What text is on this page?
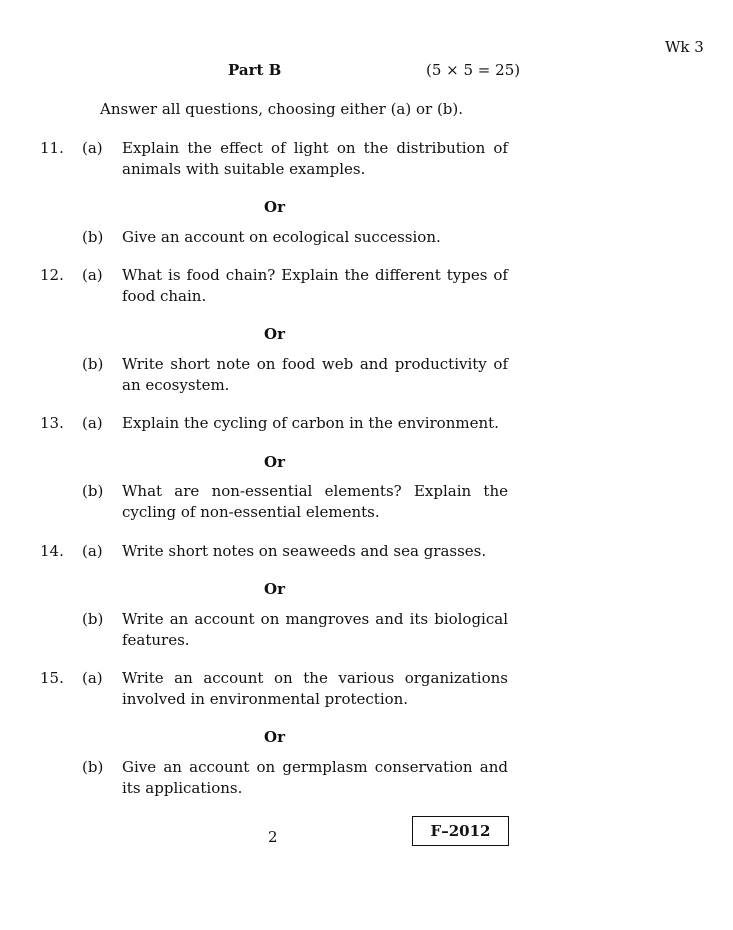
Wk 3
Part B	(5 × 5 = 25)
Answer all questions, choosing either (a) or (b).
11. (a) Explain the effect of light on the distribution of animals with suitable examples.
Or
(b) Give an account on ecological succession.
12. (a) What is food chain? Explain the different types of food chain.
Or
(b) Write short note on food web and productivity of an ecosystem.
13. (a) Explain the cycling of carbon in the environment.
Or
(b) What are non-essential elements? Explain the cycling of non-essential elements.
14. (a) Write short notes on seaweeds and sea grasses.
Or
(b) Write an account on mangroves and its biological features.
15. (a) Write an account on the various organizations involved in environmental protection.
Or
(b) Give an account on germplasm conservation and its applications.
2	F–2012
